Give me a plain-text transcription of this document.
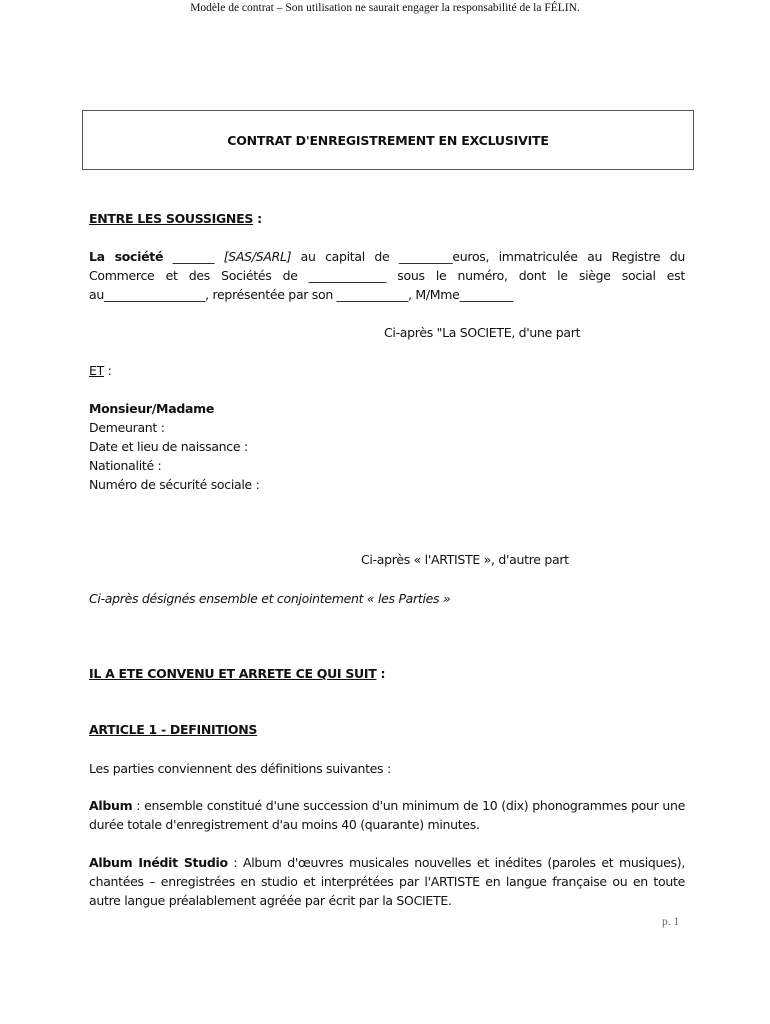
Modèle de contrat – Son utilisation ne saurait engager la responsabilité de la FÉLIN.
CONTRAT D'ENREGISTREMENT EN EXCLUSIVITE
ENTRE LES SOUSSIGNES :
La société _______ [SAS/SARL] au capital de _________euros, immatriculée au Registre du Commerce et des Sociétés de _____________ sous le numéro, dont le siège social est au_________________, représentée par son ____________, M/Mme_________
Ci-après "La SOCIETE, d'une part
ET :
Monsieur/Madame
Demeurant :
Date et lieu de naissance :
Nationalité :
Numéro de sécurité sociale :
Ci-après « l'ARTISTE », d'autre part
Ci-après désignés ensemble et conjointement « les Parties »
IL A ETE CONVENU ET ARRETE CE QUI SUIT :
ARTICLE 1 - DEFINITIONS
Les parties conviennent des définitions suivantes :
Album : ensemble constitué d'une succession d'un minimum de 10 (dix) phonogrammes pour une durée totale d'enregistrement d'au moins 40 (quarante) minutes.
Album Inédit Studio : Album d'œuvres musicales nouvelles et inédites (paroles et musiques), chantées – enregistrées en studio et interprétées par l'ARTISTE en langue française ou en toute autre langue préalablement agréée par écrit par la SOCIETE.
p. 1
